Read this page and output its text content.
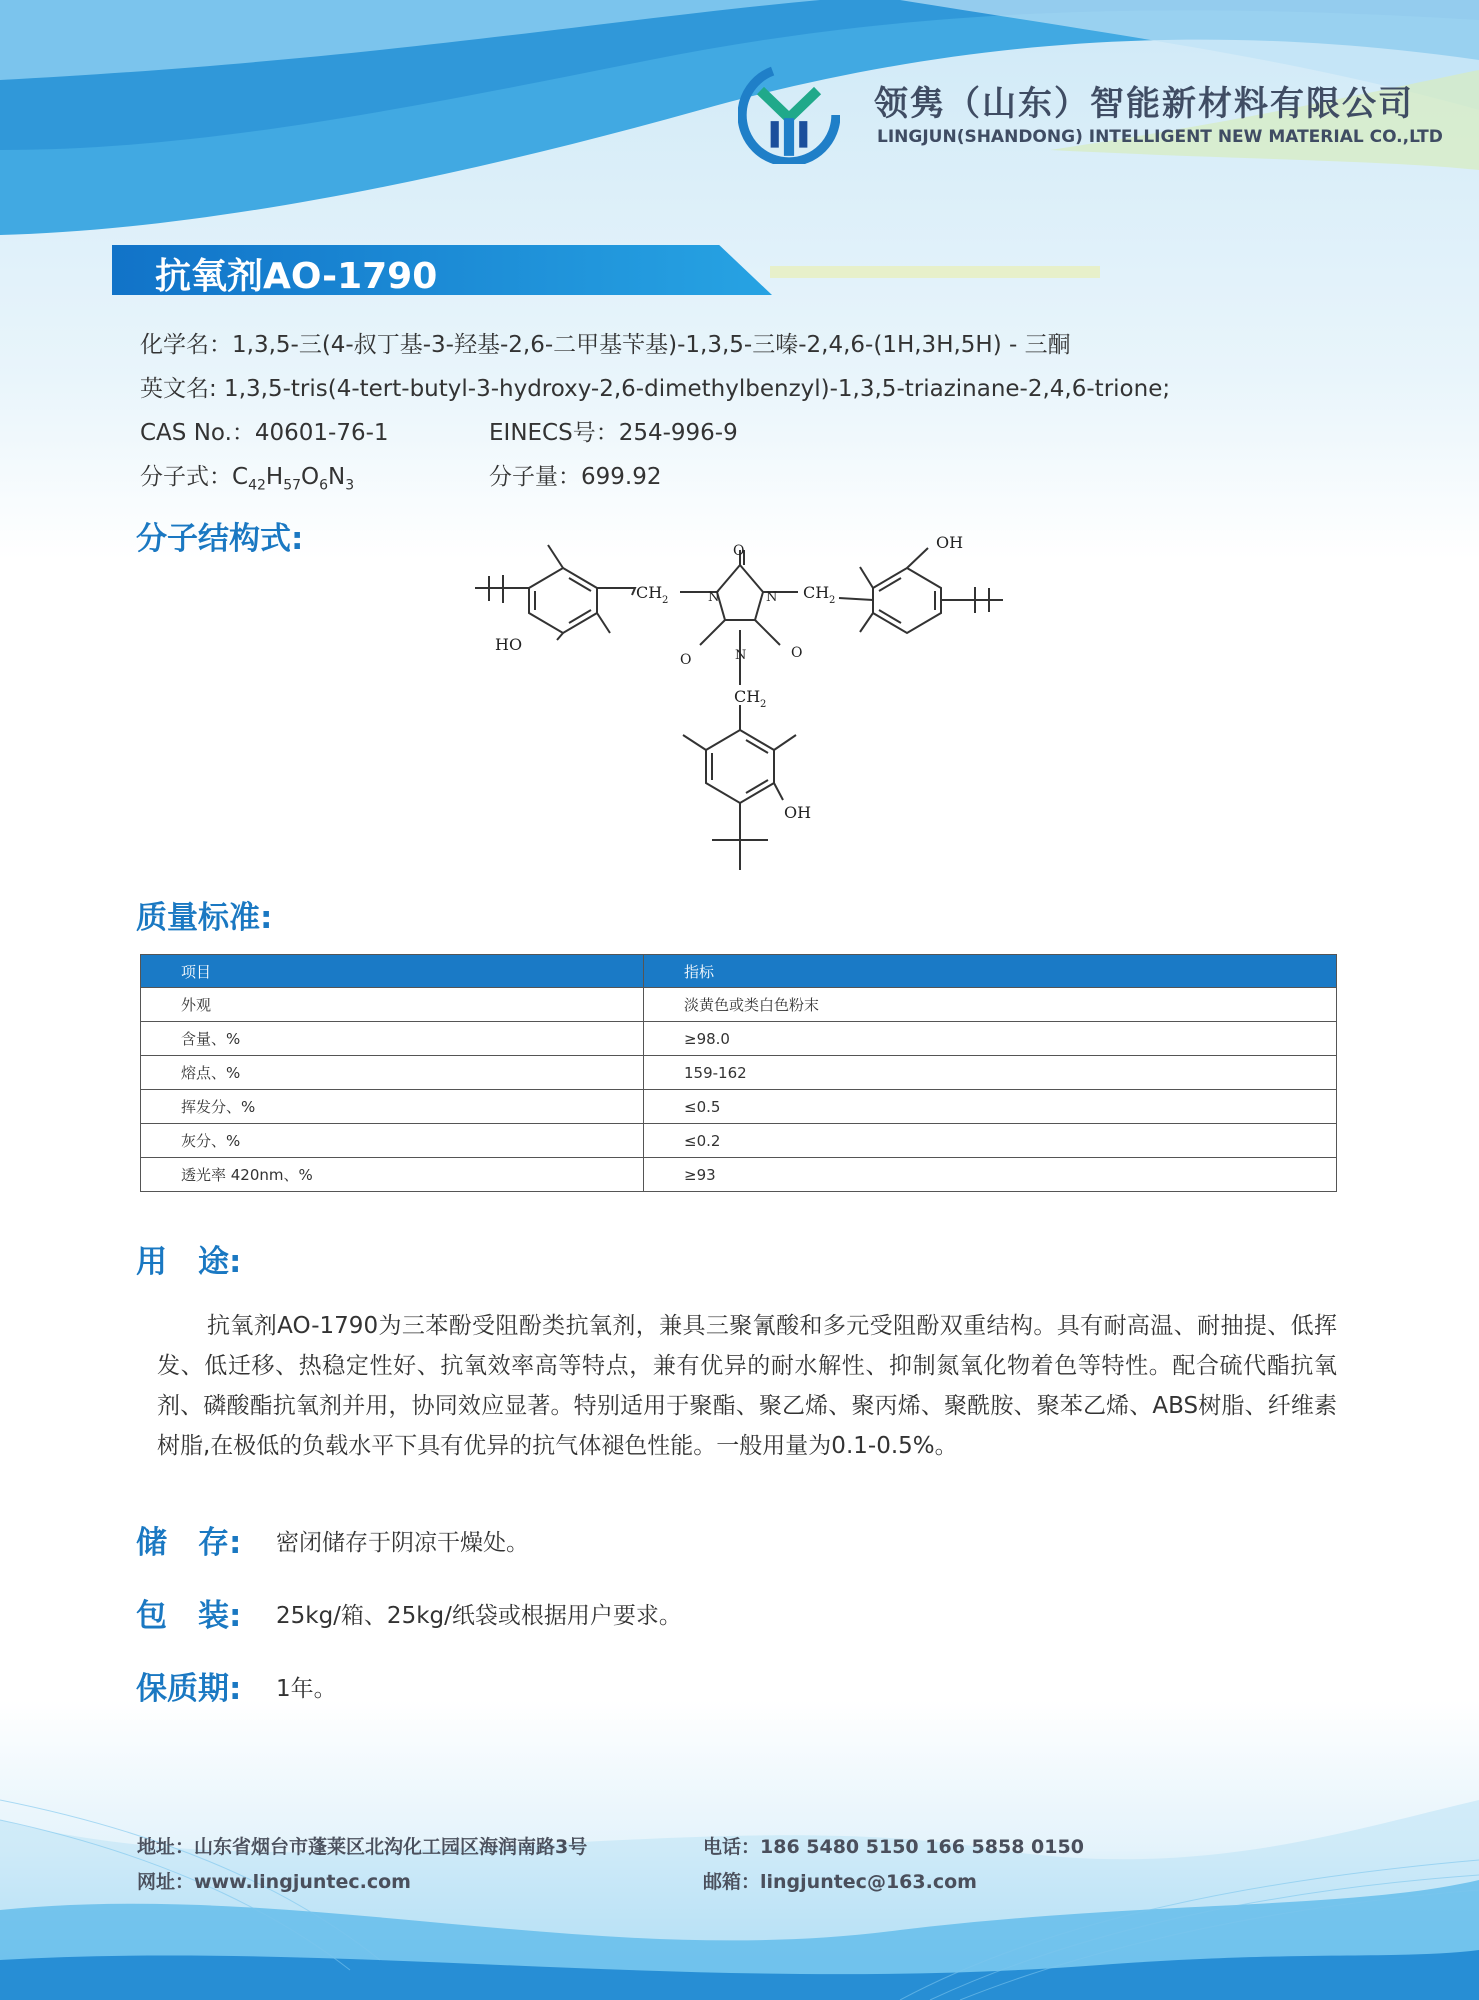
领隽（山东）智能新材料有限公司
LINGJUN(SHANDONG) INTELLIGENT NEW MATERIAL CO.,LTD
抗氧剂AO-1790
化学名：1,3,5-三(4-叔丁基-3-羟基-2,6-二甲基苄基)-1,3,5-三嗪-2,4,6-(1H,3H,5H) - 三酮
英文名: 1,3,5-tris(4-tert-butyl-3-hydroxy-2,6-dimethylbenzyl)-1,3,5-triazinane-2,4,6-trione;
CAS No.：40601-76-1	EINECS号：254-996-9
分子式：$C_{42}H_{57}O_6N_3$	分子量：699.92
分子结构式:
HO
CH 2	N	N
N
O
O	O
CH 2
OH
CH 2
OH
质量标准:
项目	指标
外观	淡黄色或类白色粉末
含量、%	≥98.0
熔点、%	159-162
挥发分、%	≤0.5
灰分、%	≤0.2
透光率 420nm、%	≥93
用　途:
抗氧剂AO-1790为三苯酚受阻酚类抗氧剂，兼具三聚氰酸和多元受阻酚双重结构。具有耐高温、耐抽提、低挥发、低迁移、热稳定性好、抗氧效率高等特点，兼有优异的耐水解性、抑制氮氧化物着色等特性。配合硫代酯抗氧剂、磷酸酯抗氧剂并用，协同效应显著。特别适用于聚酯、聚乙烯、聚丙烯、聚酰胺、聚苯乙烯、ABS树脂、纤维素树脂,在极低的负载水平下具有优异的抗气体褪色性能。一般用量为0.1-0.5%。
储　存: 密闭储存于阴凉干燥处。
包　装: 25kg/箱、25kg/纸袋或根据用户要求。
保质期: 1年。
地址：山东省烟台市蓬莱区北沟化工园区海润南路3号
网址：www.lingjuntec.com
电话：186 5480 5150 166 5858 0150
邮箱：lingjuntec@163.com
